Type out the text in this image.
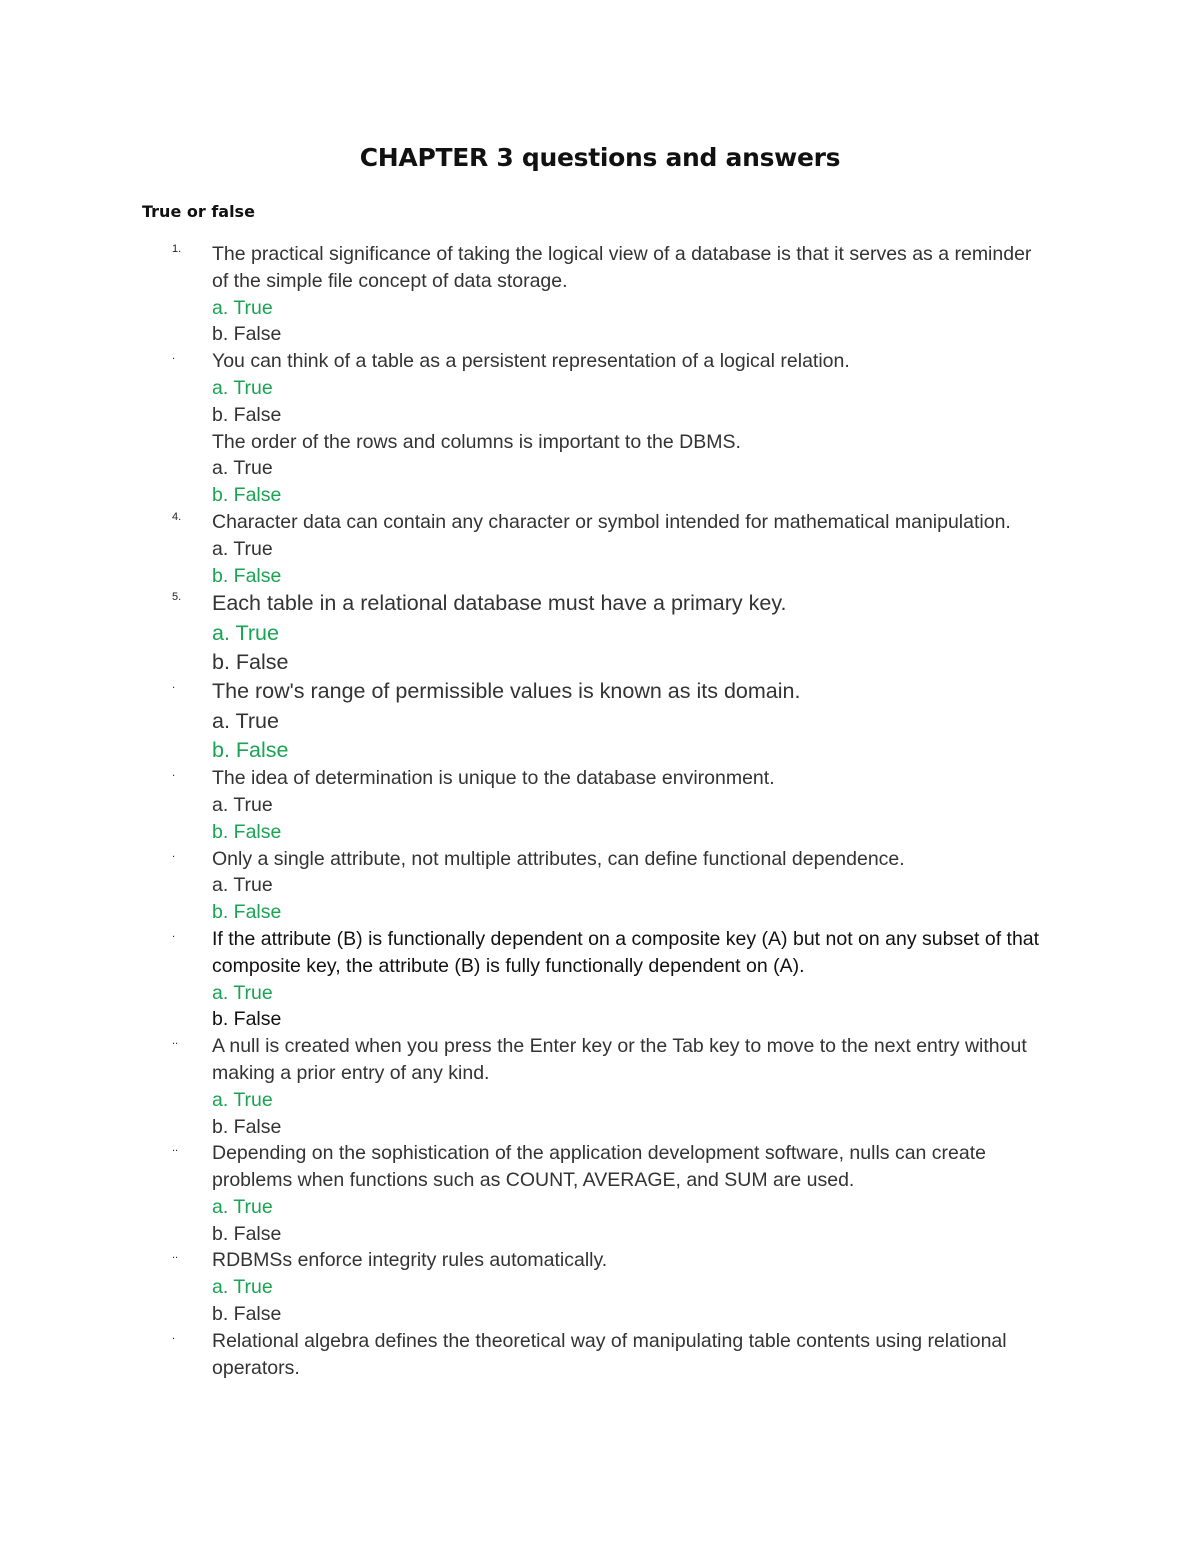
CHAPTER 3 questions and answers
True or false
1. The practical significance of taking the logical view of a database is that it serves as a reminder of the simple file concept of data storage.
a. True
b. False
. You can think of a table as a persistent representation of a logical relation.
a. True
b. False
The order of the rows and columns is important to the DBMS.
a. True
b. False
4. Character data can contain any character or symbol intended for mathematical manipulation.
a. True
b. False
5. Each table in a relational database must have a primary key.
a. True
b. False
. The row's range of permissible values is known as its domain.
a. True
b. False
. The idea of determination is unique to the database environment.
a. True
b. False
. Only a single attribute, not multiple attributes, can define functional dependence.
a. True
b. False
. If the attribute (B) is functionally dependent on a composite key (A) but not on any subset of that composite key, the attribute (B) is fully functionally dependent on (A).
a. True
b. False
.. A null is created when you press the Enter key or the Tab key to move to the next entry without making a prior entry of any kind.
a. True
b. False
.. Depending on the sophistication of the application development software, nulls can create problems when functions such as COUNT, AVERAGE, and SUM are used.
a. True
b. False
.. RDBMSs enforce integrity rules automatically.
a. True
b. False
. Relational algebra defines the theoretical way of manipulating table contents using relational operators.
